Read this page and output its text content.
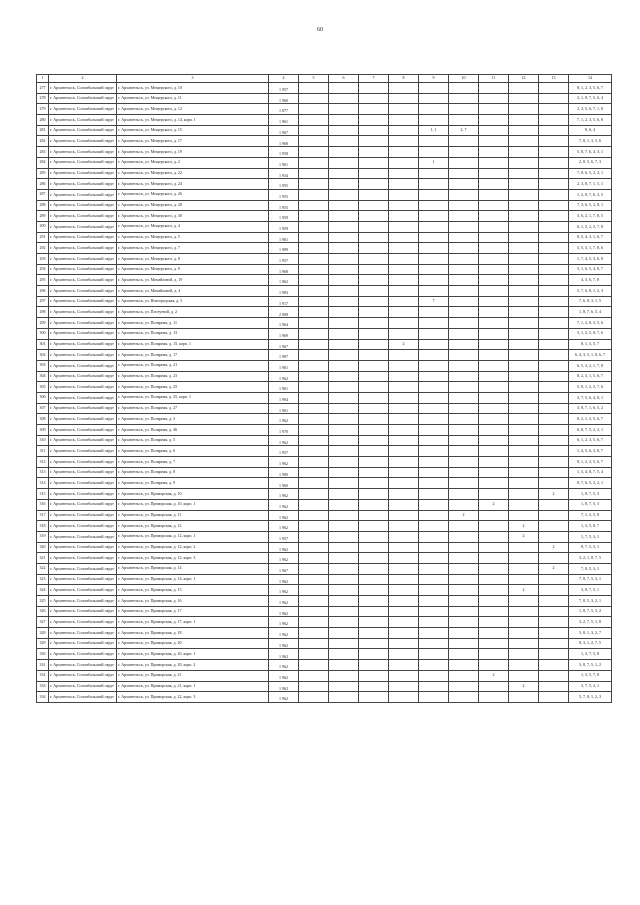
60
1	2	3	4	5	6	7	8	9	10	11	12	13	14
277	г. Архангельск, Соломбальский округ	г. Архангельск, ул. Мещерского, д. 10	1 957										8, 1, 2, 3, 5, 6, 7
278	г. Архангельск, Соломбальский округ	г. Архангельск, ул. Мещерского, д. 11	1 960										3, 1, 8, 7, 5, 6, 4
279	г. Архангельск, Соломбальский округ	г. Архангельск, ул. Мещерского, д. 12	1 877										2, 3, 5, 6, 7, 1, 8
280	г. Архангельск, Соломбальский округ	г. Архангельск, ул. Мещерского, д. 14, корп. 1	1 961										7, 1, 2, 3, 5, 6, 8
281	г. Архангельск, Соломбальский округ	г. Архангельск, ул. Мещерского, д. 15	1 967					1, 1	2, 7				8, 6, 4
282	г. Архангельск, Соломбальский округ	г. Архангельск, ул. Мещерского, д. 17	1 968										7, 8, 1, 3, 5, 6
283	г. Архангельск, Соломбальский округ	г. Архангельск, ул. Мещерского, д. 19	1 958										5, 8, 7, 6, 4, 3, 1
284	г. Архангельск, Соломбальский округ	г. Архангельск, ул. Мещерского, д. 2	1 961					1					2, 8, 5, 6, 7, 3
285	г. Архангельск, Соломбальский округ	г. Архангельск, ул. Мещерского, д. 22	1 934										7, 8, 6, 5, 2, 3, 1
286	г. Архангельск, Соломбальский округ	г. Архангельск, ул. Мещерского, д. 24	1 955										2, 3, 8, 7, 1, 5, 1
287	г. Архангельск, Соломбальский округ	г. Архангельск, ул. Мещерского, д. 26	1 955										1, 2, 8, 7, 6, 3, 5
288	г. Архангельск, Соломбальский округ	г. Архангельск, ул. Мещерского, д. 28	1 955										7, 3, 6, 5, 2, 8, 1
289	г. Архангельск, Соломбальский округ	г. Архангельск, ул. Мещерского, д. 30	1 959										3, 6, 2, 1, 7, 8, 5
290	г. Архангельск, Соломбальский округ	г. Архангельск, ул. Мещерского, д. 4	1 959										6, 1, 5, 2, 3, 7, 8
291	г. Архангельск, Соломбальский округ	г. Архангельск, ул. Мещерского, д. 5	1 961										8, 5, 4, 3, 1, 6, 7
292	г. Архангельск, Соломбальский округ	г. Архангельск, ул. Мещерского, д. 7	1 989										3, 5, 3, 1, 7, 8, 6
293	г. Архангельск, Соломбальский округ	г. Архангельск, ул. Мещерского, д. 8	1 957										1, 7, 4, 5, 3, 6, 8
294	г. Архангельск, Соломбальский округ	г. Архангельск, ул. Мещерского, д. 9	1 968										3, 1, 6, 5, 4, 8, 7
295	г. Архангельск, Соломбальский округ	г. Архангельск, ул. Мичайловой, д. 19	1 962										4, 3, 6, 7, 8
296	г. Архангельск, Соломбальский округ	г. Архангельск, ул. Мичайловой, д. 4	1 983										5, 7, 6, 8, 1, 2, 3
297	г. Архангельск, Соломбальский округ	г. Архангельск, ул. Новгородская, д. 5	1 917					7					7, 6, 8, 3, 1, 5
298	г. Архангельск, Соломбальский округ	г. Архангельск, ул. Плотуевой, д. 2	2 008										1, 8, 7, 6, 5, 4
299	г. Архангельск, Соломбальский округ	г. Архангельск, ул. Полярная, д. 11	1 964										7, 1, 2, 8, 3, 5, 6
300	г. Архангельск, Соломбальский округ	г. Архангельск, ул. Полярная, д. 13	1 969										3, 1, 2, 5, 8, 7, 6
301	г. Архангельск, Соломбальский округ	г. Архангельск, ул. Полярная, д. 15, корп. 1	1 967				2						8, 1, 3, 5, 7
302	г. Архангельск, Соломбальский округ	г. Архангельск, ул. Полярная, д. 17	1 987										6, 4, 3, 5, 1, 8, 6, 7
303	г. Архангельск, Соломбальский округ	г. Архангельск, ул. Полярная, д. 21	1 961										6, 5, 3, 2, 1, 7, 8
304	г. Архангельск, Соломбальский округ	г. Архангельск, ул. Полярная, д. 23	1 962										8, 2, 3, 1, 5, 6, 7
305	г. Архангельск, Соломбальский округ	г. Архангельск, ул. Полярная, д. 25	1 961										5, 8, 1, 2, 3, 7, 6
306	г. Архангельск, Соломбальский округ	г. Архангельск, ул. Полярная, д. 25, корп. 1	1 994										3, 7, 5, 6, 4, 8, 1
307	г. Архангельск, Соломбальский округ	г. Архангельск, ул. Полярная, д. 27	1 961										3, 8, 7, 1, 6, 5, 2
308	г. Архангельск, Соломбальский округ	г. Архангельск, ул. Полярная, д. 3	1 962										8, 2, 1, 3, 5, 6, 7
309	г. Архангельск, Соломбальский округ	г. Архангельск, ул. Полярная, д. 46	1 970										6, 8, 7, 5, 2, 3, 1
310	г. Архангельск, Соломбальский округ	г. Архангельск, ул. Полярная, д. 5	1 962										6, 1, 2, 3, 5, 6, 7
311	г. Архангельск, Соломбальский округ	г. Архангельск, ул. Полярная, д. 6	1 957										1, 4, 5, 6, 3, 8, 7
312	г. Архангельск, Соломбальский округ	г. Архангельск, ул. Полярная, д. 7	1 962										8, 1, 2, 3, 5, 6, 7
313	г. Архангельск, Соломбальский округ	г. Архангельск, ул. Полярная, д. 8	1 980										1, 3, 4, 8, 7, 5, 4
314	г. Архангельск, Соломбальский округ	г. Архангельск, ул. Полярная, д. 9	1 960										8, 7, 6, 5, 3, 2, 1
315	г. Архангельск, Соломбальский округ	г. Архангельск, ул. Приморская, д. 10	1 962									2	1, 8, 7, 5, 3
316	г. Архангельск, Соломбальский округ	г. Архангельск, ул. Приморская, д. 10, корп. 1	1 962							2			1, 8, 7, 5, 3
317	г. Архангельск, Соломбальский округ	г. Архангельск, ул. Приморская, д. 11	1 962						2				7, 1, 3, 5, 8
318	г. Архангельск, Соломбальский округ	г. Архангельск, ул. Приморская, д. 12	1 962								2		1, 3, 5, 8, 7
319	г. Архангельск, Соломбальский округ	г. Архангельск, ул. Приморская, д. 12, корп. 1	1 957								2		1, 7, 5, 3, 1
320	г. Архангельск, Соломбальский округ	г. Архангельск, ул. Приморская, д. 12, корп. 2	1 962									2	8, 7, 5, 3, 1
321	г. Архангельск, Соломбальский округ	г. Архангельск, ул. Приморская, д. 12, корп. 3	1 962										3, 2, 1, 8, 7, 5
322	г. Архангельск, Соломбальский округ	г. Архангельск, ул. Приморская, д. 14	1 967									2	7, 8, 5, 3, 1
323	г. Архангельск, Соломбальский округ	г. Архангельск, ул. Приморская, д. 14, корп. 1	1 962										7, 8, 7, 5, 3, 1
324	г. Архангельск, Соломбальский округ	г. Архангельск, ул. Приморская, д. 15	1 962								2		3, 8, 7, 5, 1
325	г. Архангельск, Соломбальский округ	г. Архангельск, ул. Приморская, д. 16	1 962										7, 8, 5, 3, 2, 1
326	г. Архангельск, Соломбальский округ	г. Архангельск, ул. Приморская, д. 17	1 962										1, 8, 7, 5, 3, 2
327	г. Архангельск, Соломбальский округ	г. Архангельск, ул. Приморская, д. 17, корп. 1	1 962										3, 2, 7, 5, 1, 8
328	г. Архангельск, Соломбальский округ	г. Архангельск, ул. Приморская, д. 18	1 962										5, 8, 1, 3, 2, 7
329	г. Архангельск, Соломбальский округ	г. Архангельск, ул. Приморская, д. 20	1 962										8, 3, 1, 2, 7, 5
330	г. Архангельск, Соломбальский округ	г. Архангельск, ул. Приморская, д. 20, корп. 1	1 962										1, 3, 7, 5, 8
331	г. Архангельск, Соломбальский округ	г. Архангельск, ул. Приморская, д. 20, корп. 2	1 962										3, 8, 7, 5, 1, 2
332	г. Архангельск, Соломбальский округ	г. Архангельск, ул. Приморская, д. 21	1 962							2			1, 3, 5, 7, 8
333	г. Архангельск, Соломбальский округ	г. Архангельск, ул. Приморская, д. 21, корп. 1	1 962								2		3, 7, 5, 2, 1
334	г. Архангельск, Соломбальский округ	г. Архангельск, ул. Приморская, д. 22, корп. 3	1 962										5, 7, 8, 1, 2, 3
